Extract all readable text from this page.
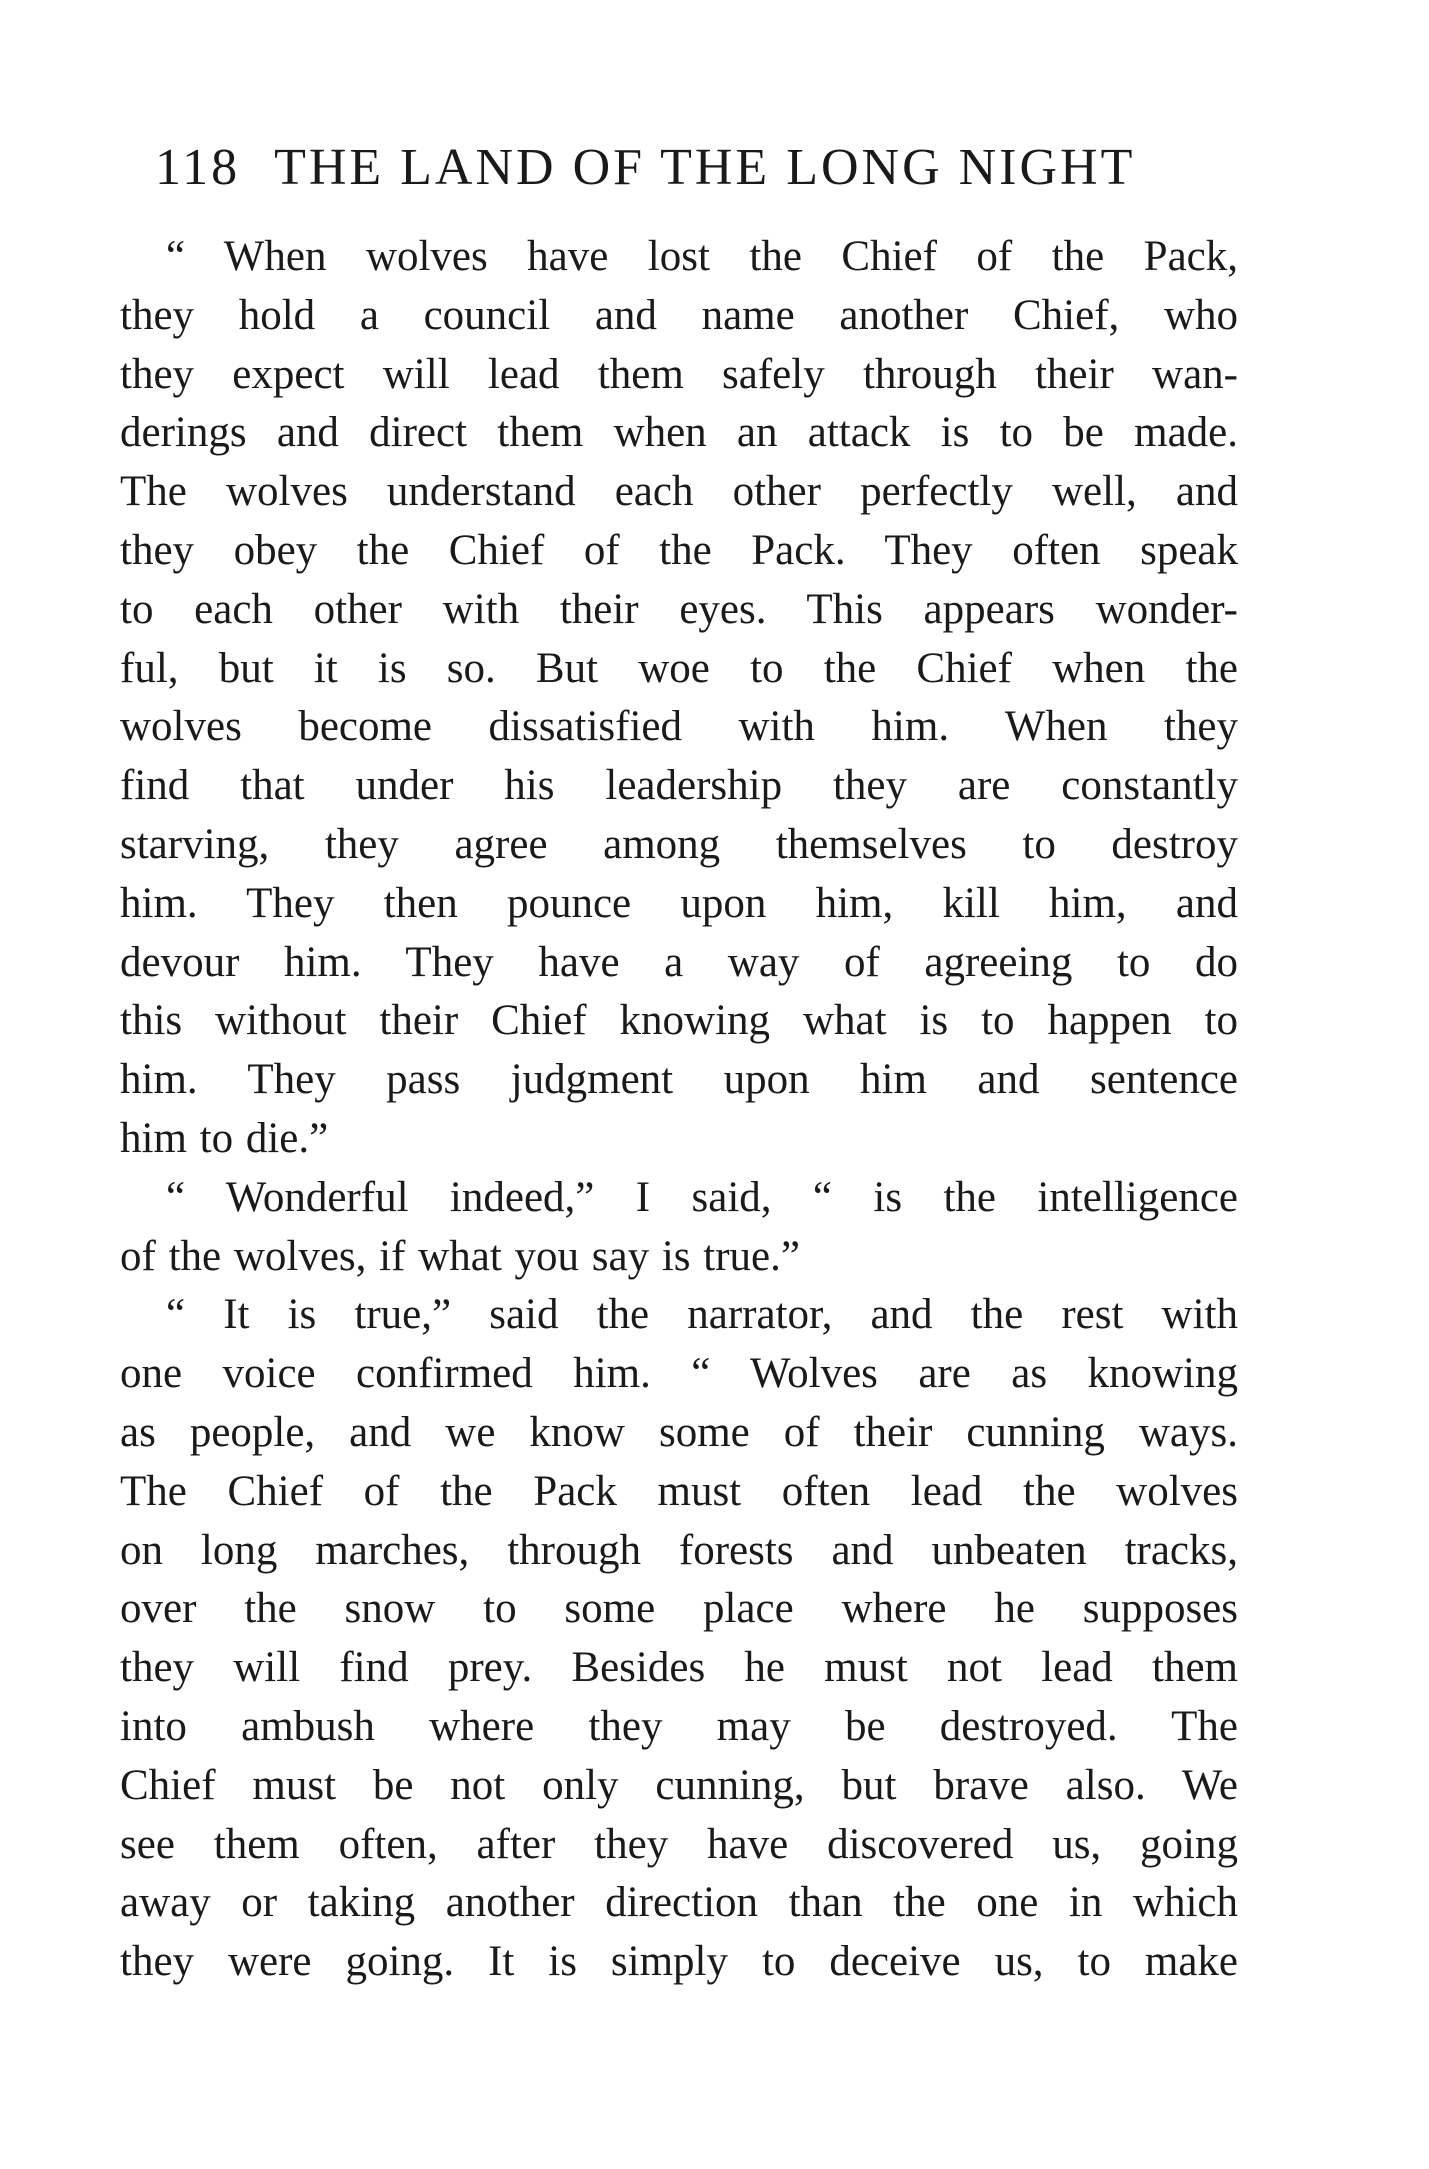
118 THE LAND OF THE LONG NIGHT
“ When wolves have lost the Chief of the Pack,
they hold a council and name another Chief, who
they expect will lead them safely through their wan-
derings and direct them when an attack is to be made.
The wolves understand each other perfectly well, and
they obey the Chief of the Pack. They often speak
to each other with their eyes. This appears wonder-
ful, but it is so. But woe to the Chief when the
wolves become dissatisfied with him. When they
find that under his leadership they are constantly
starving, they agree among themselves to destroy
him. They then pounce upon him, kill him, and
devour him. They have a way of agreeing to do
this without their Chief knowing what is to happen to
him. They pass judgment upon him and sentence
him to die.”
“ Wonderful indeed,” I said, “ is the intelligence
of the wolves, if what you say is true.”
“ It is true,” said the narrator, and the rest with
one voice confirmed him. “ Wolves are as knowing
as people, and we know some of their cunning ways.
The Chief of the Pack must often lead the wolves
on long marches, through forests and unbeaten tracks,
over the snow to some place where he supposes
they will find prey. Besides he must not lead them
into ambush where they may be destroyed. The
Chief must be not only cunning, but brave also. We
see them often, after they have discovered us, going
away or taking another direction than the one in which
they were going. It is simply to deceive us, to make
